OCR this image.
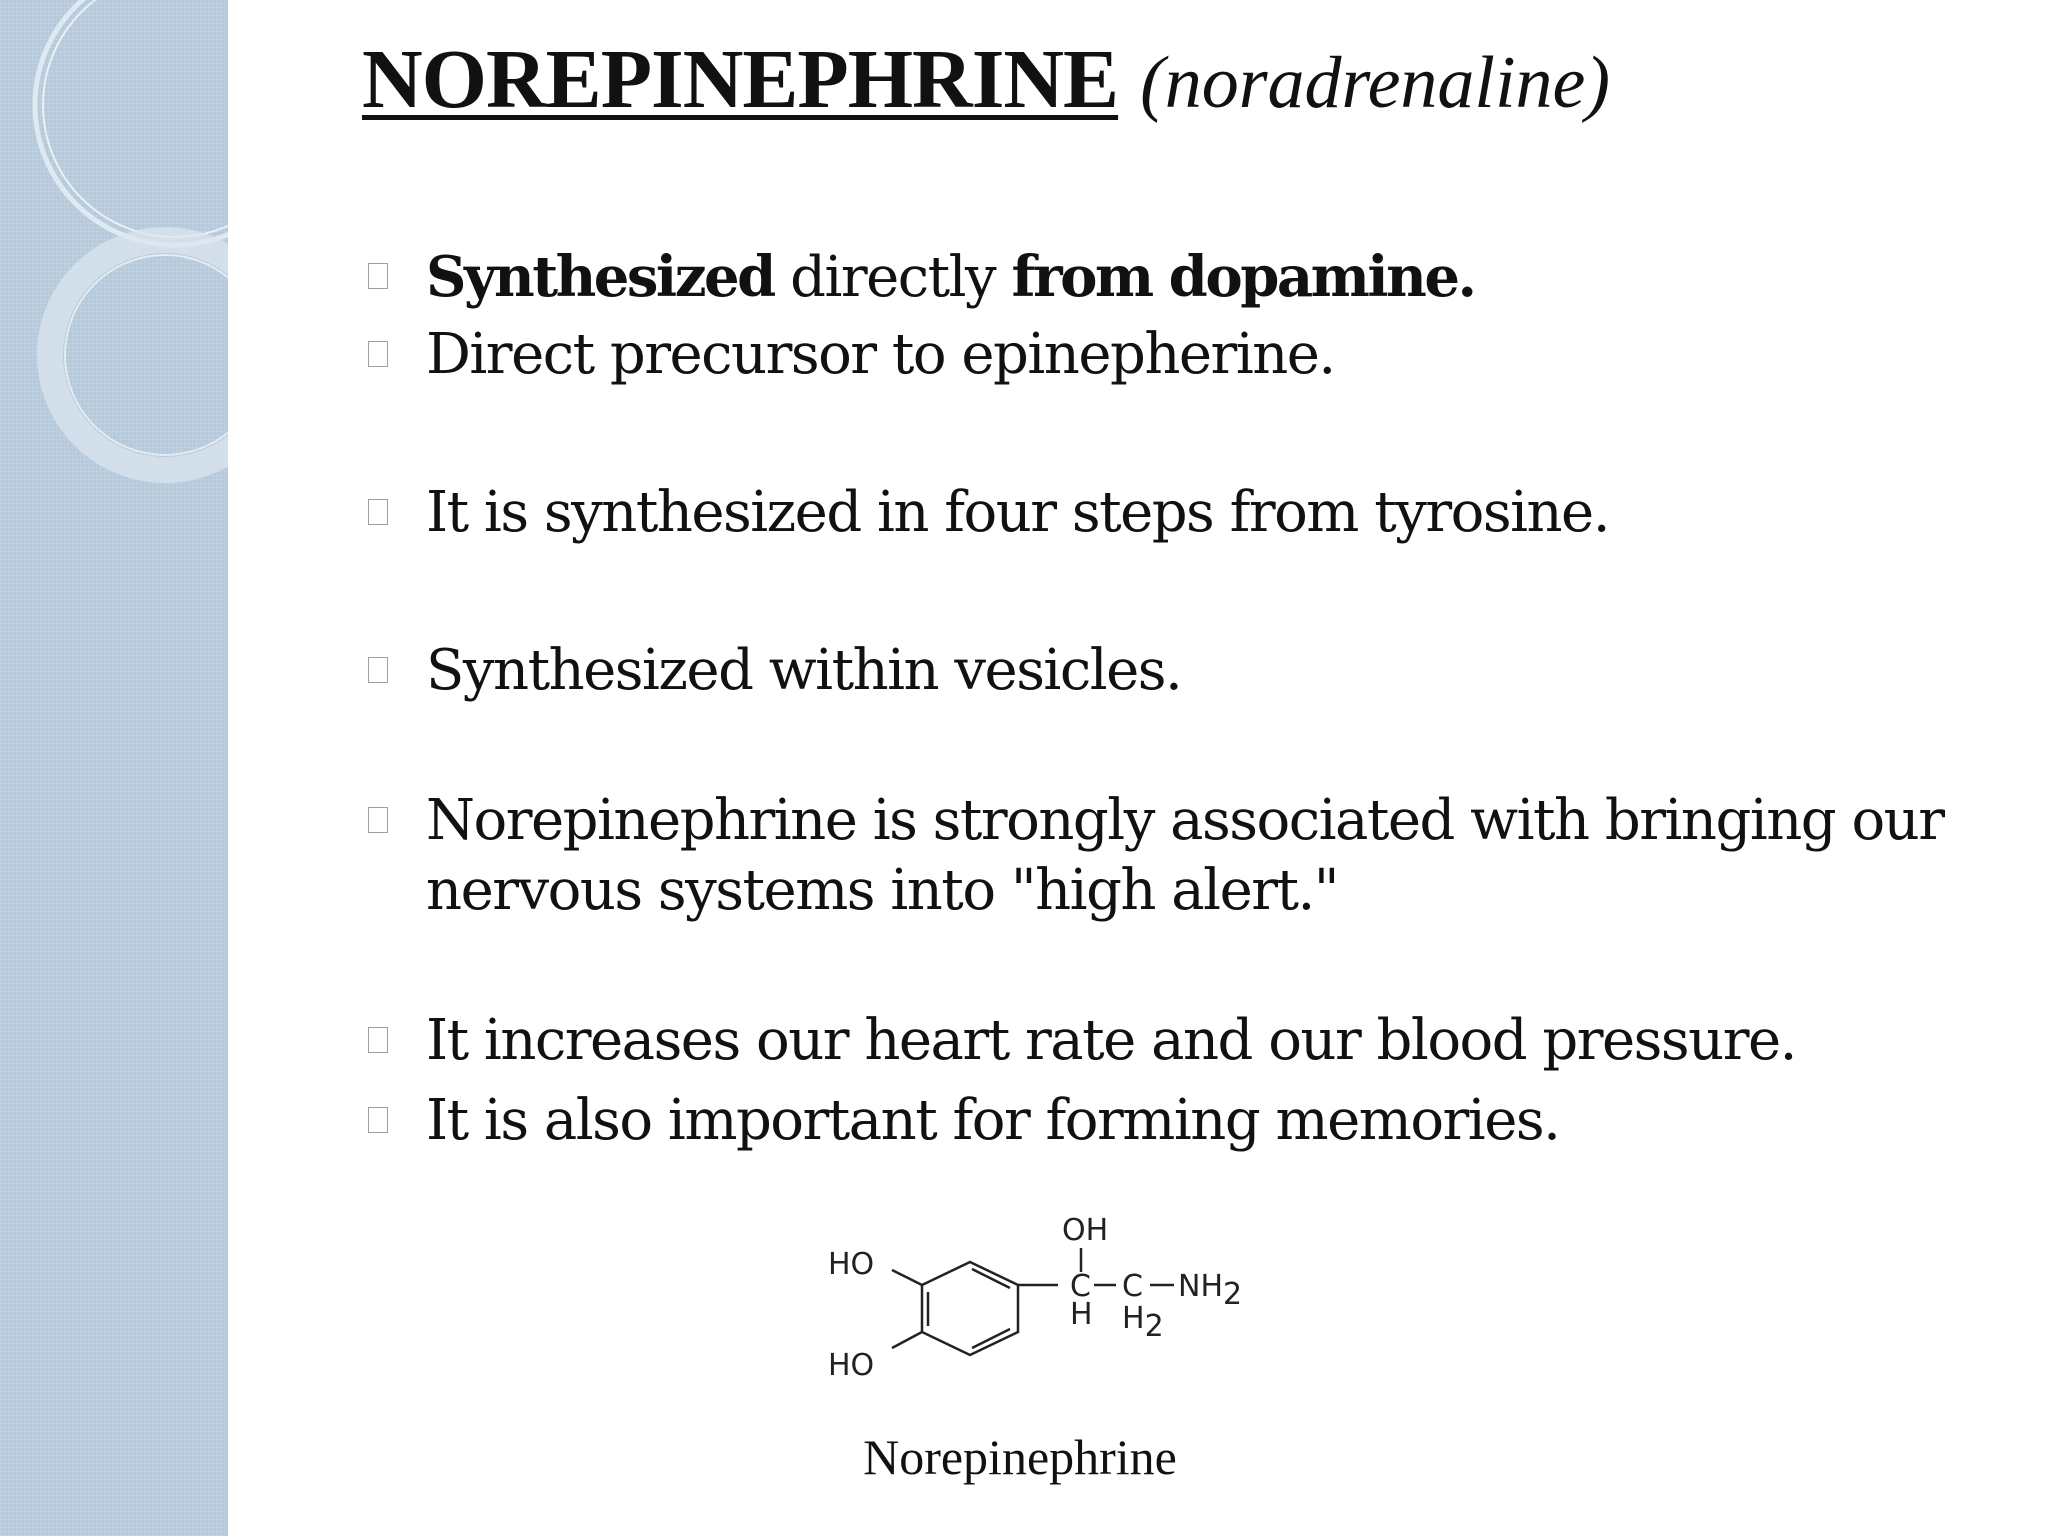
NOREPINEPHRINE (noradrenaline)
Synthesized directly from dopamine.
Direct precursor to epinepherine.
It is synthesized in four steps from tyrosine.
Synthesized within vesicles.
Norepinephrine is strongly associated with bringing our nervous systems into "high alert."
It increases our heart rate and our blood pressure.
It is also important for forming memories.
HO
HO
OH
C
H
C
H2
NH2
Norepinephrine
